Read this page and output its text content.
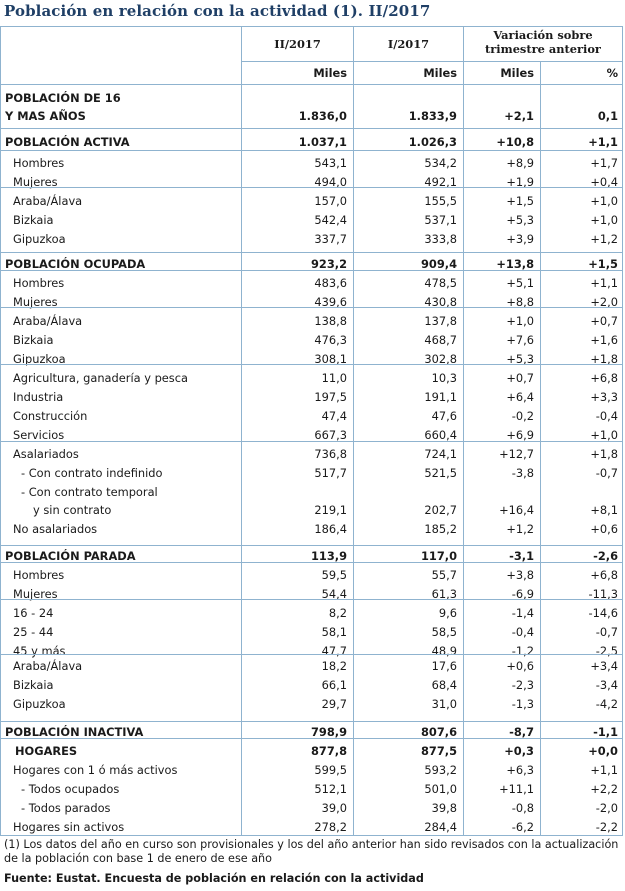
Población en relación con la actividad (1). II/2017
II/2017	I/2017
Variación sobre trimestre anterior
Miles	Miles	Miles	%
POBLACIÓN DE 16
Y MAS AÑOS	1.836,0	1.833,9	+2,1	0,1
POBLACIÓN ACTIVA	1.037,1	1.026,3	+10,8	+1,1
Hombres	543,1	534,2	+8,9	+1,7
Mujeres	494,0	492,1	+1,9	+0,4
Araba/Álava	157,0	155,5	+1,5	+1,0
Bizkaia	542,4	537,1	+5,3	+1,0
Gipuzkoa	337,7	333,8	+3,9	+1,2
POBLACIÓN OCUPADA	923,2	909,4	+13,8	+1,5
Hombres	483,6	478,5	+5,1	+1,1
Mujeres	439,6	430,8	+8,8	+2,0
Araba/Álava	138,8	137,8	+1,0	+0,7
Bizkaia	476,3	468,7	+7,6	+1,6
Gipuzkoa	308,1	302,8	+5,3	+1,8
Agricultura, ganadería y pesca	11,0	10,3	+0,7	+6,8
Industria	197,5	191,1	+6,4	+3,3
Construcción	47,4	47,6	-0,2	-0,4
Servicios	667,3	660,4	+6,9	+1,0
Asalariados	736,8	724,1	+12,7	+1,8
- Con contrato indefinido	517,7	521,5	-3,8	-0,7
- Con contrato temporal
y sin contrato	219,1	202,7	+16,4	+8,1
No asalariados	186,4	185,2	+1,2	+0,6
POBLACIÓN PARADA	113,9	117,0	-3,1	-2,6
Hombres	59,5	55,7	+3,8	+6,8
Mujeres	54,4	61,3	-6,9	-11,3
16 - 24	8,2	9,6	-1,4	-14,6
25 - 44	58,1	58,5	-0,4	-0,7
45 y más	47,7	48,9	-1,2	-2,5
Araba/Álava	18,2	17,6	+0,6	+3,4
Bizkaia	66,1	68,4	-2,3	-3,4
Gipuzkoa	29,7	31,0	-1,3	-4,2
POBLACIÓN INACTIVA	798,9	807,6	-8,7	-1,1
HOGARES	877,8	877,5	+0,3	+0,0
Hogares con 1 ó más activos	599,5	593,2	+6,3	+1,1
- Todos ocupados	512,1	501,0	+11,1	+2,2
- Todos parados	39,0	39,8	-0,8	-2,0
Hogares sin activos	278,2	284,4	-6,2	-2,2
(1) Los datos del año en curso son provisionales y los del año anterior han sido revisados con la actualización de la población con base 1 de enero de ese año
Fuente: Eustat. Encuesta de población en relación con la actividad
